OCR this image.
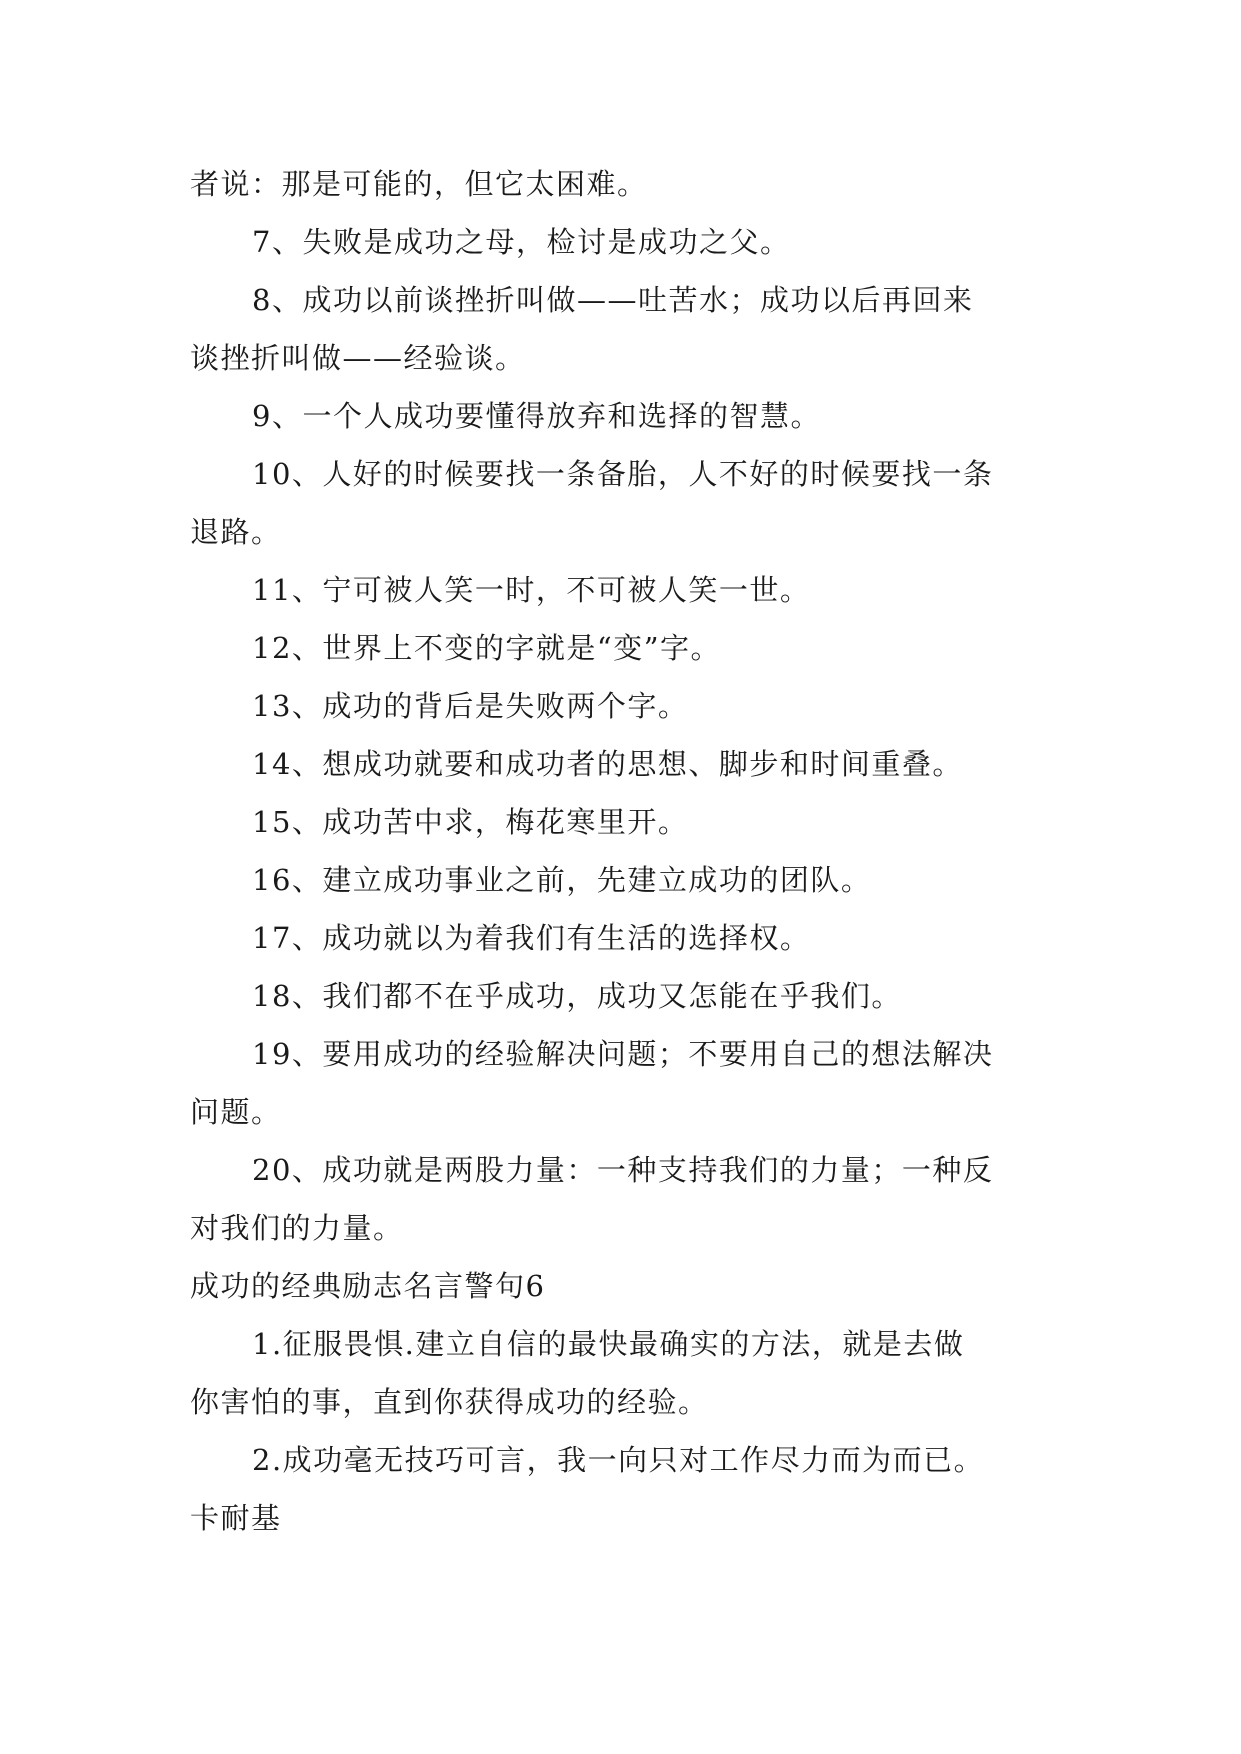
者说：那是可能的，但它太困难。
7、失败是成功之母，检讨是成功之父。
8、成功以前谈挫折叫做——吐苦水；成功以后再回来
谈挫折叫做——经验谈。
9、一个人成功要懂得放弃和选择的智慧。
10、人好的时候要找一条备胎，人不好的时候要找一条
退路。
11、宁可被人笑一时，不可被人笑一世。
12、世界上不变的字就是“变”字。
13、成功的背后是失败两个字。
14、想成功就要和成功者的思想、脚步和时间重叠。
15、成功苦中求，梅花寒里开。
16、建立成功事业之前，先建立成功的团队。
17、成功就以为着我们有生活的选择权。
18、我们都不在乎成功，成功又怎能在乎我们。
19、要用成功的经验解决问题；不要用自己的想法解决
问题。
20、成功就是两股力量：一种支持我们的力量；一种反
对我们的力量。
成功的经典励志名言警句6
1.征服畏惧.建立自信的最快最确实的方法，就是去做
你害怕的事，直到你获得成功的经验。
2.成功毫无技巧可言，我一向只对工作尽力而为而已。
卡耐基
